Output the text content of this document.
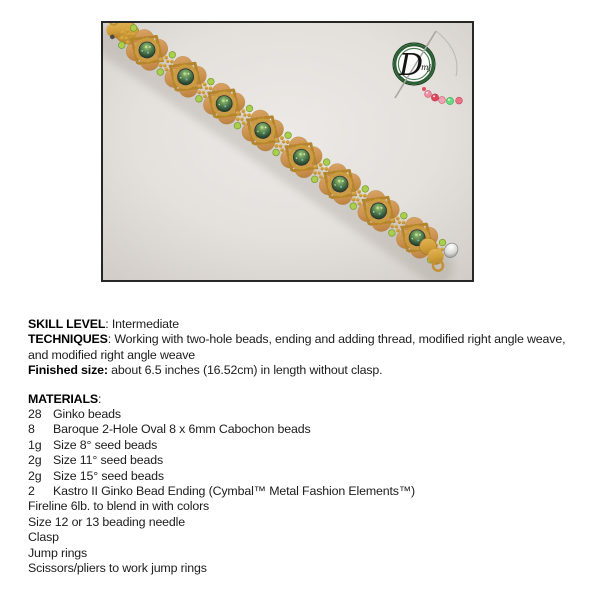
D
mj
SKILL LEVEL: Intermediate
TECHNIQUES: Working with two-hole beads, ending and adding thread, modified right angle weave,
and modified right angle weave
Finished size: about 6.5 inches (16.52cm) in length without clasp.
MATERIALS:
28 Ginko beads
8 Baroque 2-Hole Oval 8 x 6mm Cabochon beads
1g Size 8° seed beads
2g Size 11° seed beads
2g Size 15° seed beads
2 Kastro II Ginko Bead Ending (Cymbal™ Metal Fashion Elements™)
Fireline 6lb. to blend in with colors
Size 12 or 13 beading needle
Clasp
Jump rings
Scissors/pliers to work jump rings
